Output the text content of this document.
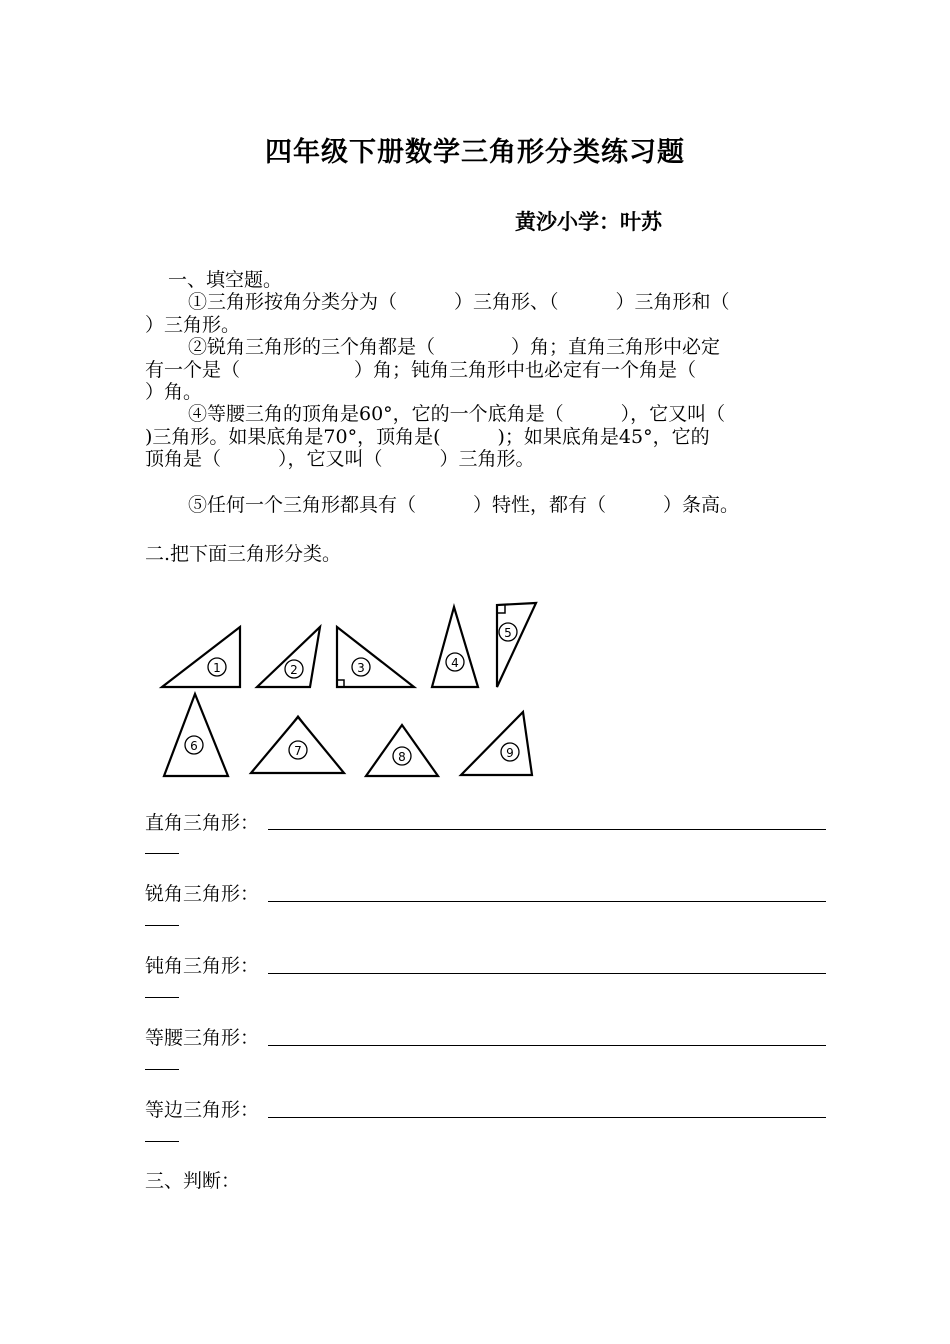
四年级下册数学三角形分类练习题
黄沙小学：叶苏
一、填空题。
①三角形按角分类分为（　　　）三角形、（　　　）三角形和（
）三角形。
②锐角三角形的三个角都是（　　　　）角；直角三角形中必定
有一个是（　　　　　　）角；钝角三角形中也必定有一个角是（
）角。
④等腰三角的顶角是60°，它的一个底角是（　　　），它又叫（
)三角形。如果底角是70°，顶角是(　　　)；如果底角是45°，它的
顶角是（　　　），它又叫（　　　）三角形。
⑤任何一个三角形都具有（　　　）特性，都有（　　　）条高。
二.把下面三角形分类。
1	2	3	4
5
6	7	8	9
直角三角形：
锐角三角形：
钝角三角形：
等腰三角形：
等边三角形：
三、判断：
